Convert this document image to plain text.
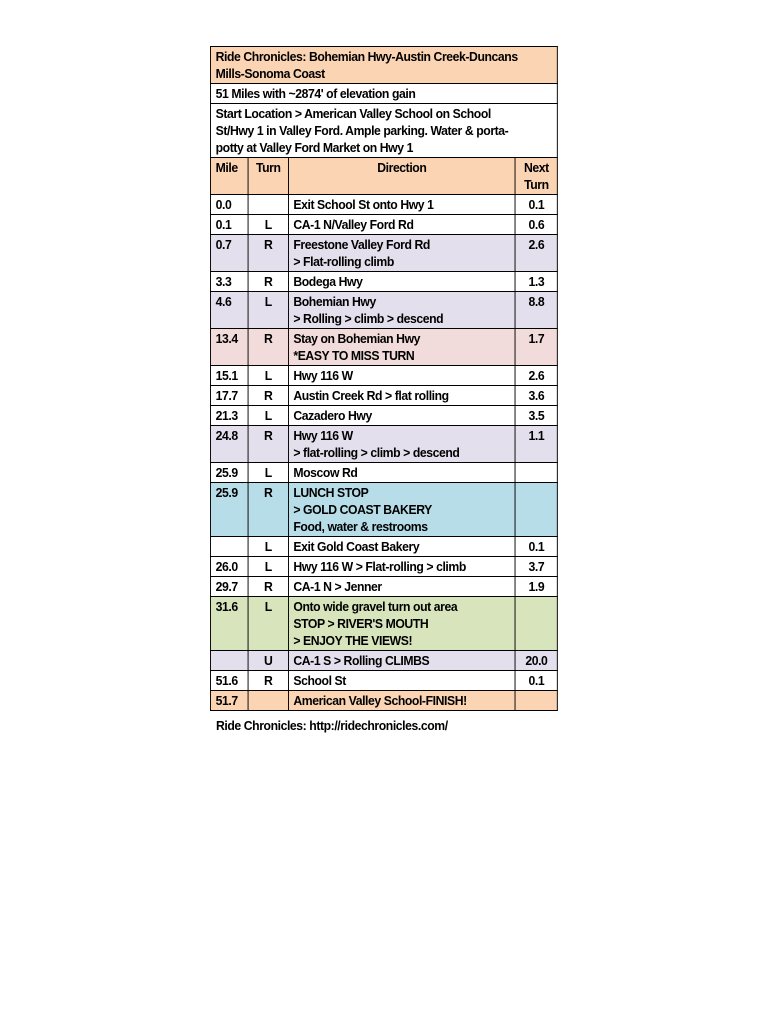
Ride Chronicles: Bohemian Hwy-Austin Creek-Duncans
Mills-Sonoma Coast			

51 Miles with ~2874' of elevation gain			

Start Location > American Valley School on School
St/Hwy 1 in Valley Ford. Ample parking. Water & porta-
potty at Valley Ford Market on Hwy 1			

Mile	Turn	Direction	Next
Turn

0.0		Exit School St onto Hwy 1	0.1
0.1	L	CA-1 N/Valley Ford Rd	0.6
0.7	R	Freestone Valley Ford Rd
> Flat-rolling climb	2.6
3.3	R	Bodega Hwy	1.3
4.6	L	Bohemian Hwy
> Rolling > climb > descend	8.8
13.4	R	Stay on Bohemian Hwy
*EASY TO MISS TURN	1.7
15.1	L	Hwy 116 W	2.6
17.7	R	Austin Creek Rd > flat rolling	3.6
21.3	L	Cazadero Hwy	3.5
24.8	R	Hwy 116 W
> flat-rolling > climb > descend	1.1
25.9	L	Moscow Rd	

25.9	R	LUNCH STOP
> GOLD COAST BAKERY
Food, water & restrooms	

	L	Exit Gold Coast Bakery	0.1
26.0	L	Hwy 116 W > Flat-rolling > climb	3.7
29.7	R	CA-1 N > Jenner	1.9
31.6	L	Onto wide gravel turn out area
STOP > RIVER'S MOUTH
> ENJOY THE VIEWS!	

	U	CA-1 S > Rolling CLIMBS	20.0
51.6	R	School St	0.1
51.7		American Valley School-FINISH!	

Ride Chronicles: http://ridechronicles.com/
